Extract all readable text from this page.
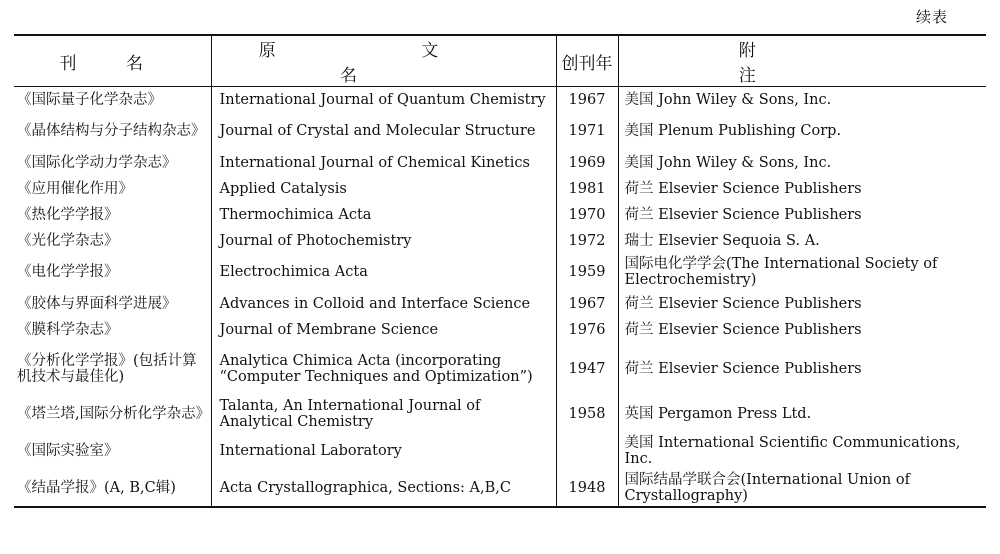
续表
刊 名	原 文 名	创刊年	附 注
《国际量子化学杂志》	International Journal of Quantum Chemistry	1967	美国 John Wiley & Sons, Inc.
《晶体结构与分子结构杂志》	Journal of Crystal and Molecular Structure	1971	美国 Plenum Publishing Corp.
《国际化学动力学杂志》	International Journal of Chemical Kinetics	1969	美国 John Wiley & Sons, Inc.
《应用催化作用》	Applied Catalysis	1981	荷兰 Elsevier Science Publishers
《热化学学报》	Thermochimica Acta	1970	荷兰 Elsevier Science Publishers
《光化学杂志》	Journal of Photochemistry	1972	瑞士 Elsevier Sequoia S. A.
《电化学学报》	Electrochimica Acta	1959	国际电化学学会(The International Society of Electrochemistry)
《胶体与界面科学进展》	Advances in Colloid and Interface Science	1967	荷兰 Elsevier Science Publishers
《膜科学杂志》	Journal of Membrane Science	1976	荷兰 Elsevier Science Publishers
《分析化学学报》(包括计算机技术与最佳化)	Analytica Chimica Acta (incorporating “Computer Techniques and Optimization”)	1947	荷兰 Elsevier Science Publishers
《塔兰塔,国际分析化学杂志》	Talanta, An International Journal of Analytical Chemistry	1958	英国 Pergamon Press Ltd.
《国际实验室》	International Laboratory		美国 International Scientific Communications, Inc.
《结晶学报》(A, B,C辑)	Acta Crystallographica, Sections: A,B,C	1948	国际结晶学联合会(International Union of Crystallography)
